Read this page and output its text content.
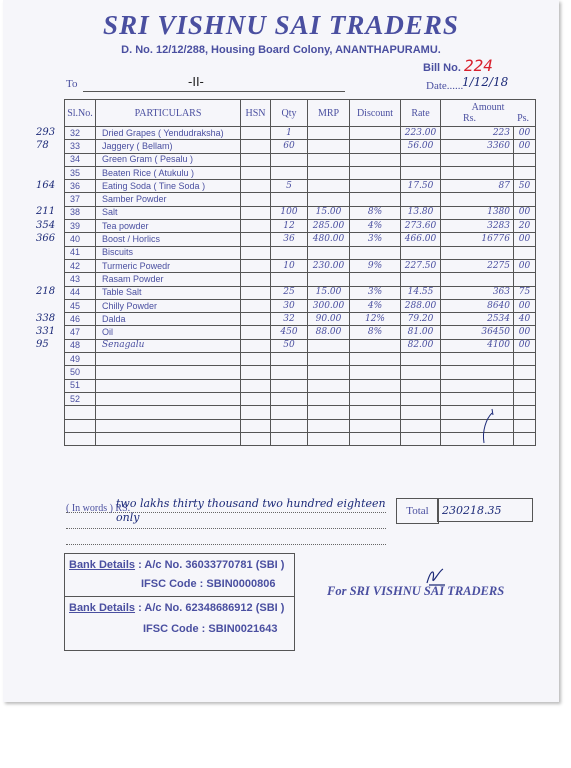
SRI VISHNU SAI TRADERS
D. No. 12/12/288, Housing Board Colony, ANANTHAPURAMU.
Bill No. 224
To	-II-	Date......
1/12/18
Sl.No.	PARTICULARS	HSN	Qty	MRP	Discount	Rate	Amount
Rs. Ps.	

32	Dried Grapes ( Yendudraksha)		1			223.00	223	00
33	Jaggery ( Bellam)		60			56.00	3360	00
34	Green Gram ( Pesalu )							
35	Beaten Rice ( Atukulu )							
36	Eating Soda ( Tine Soda )		5			17.50	87	50
37	Samber Powder							
38	Salt		100	15.00	8%	13.80	1380	00
39	Tea powder		12	285.00	4%	273.60	3283	20
40	Boost / Horlics		36	480.00	3%	466.00	16776	00
41	Biscuits							
42	Turmeric Powedr		10	230.00	9%	227.50	2275	00
43	Rasam Powder							
44	Table Salt		25	15.00	3%	14.55	363	75
45	Chilly Powder		30	300.00	4%	288.00	8640	00
46	Dalda		32	90.00	12%	79.20	2534	40
47	Oil		450	88.00	8%	81.00	36450	00
48	Senagalu		50			82.00	4100	00
49								
50								
51								
52								

293
78
164
211
354
366
218
338
331
95
( In words ) RS.
two lakhs thirty thousand two hundred eighteen only	Total	230218.35
Bank Details : A/c No. 36033770781 (SBI )
IFSC Code : SBIN0000806
Bank Details : A/c No. 62348686912 (SBI )
IFSC Code : SBIN0021643
For SRI VISHNU SAI TRADERS
